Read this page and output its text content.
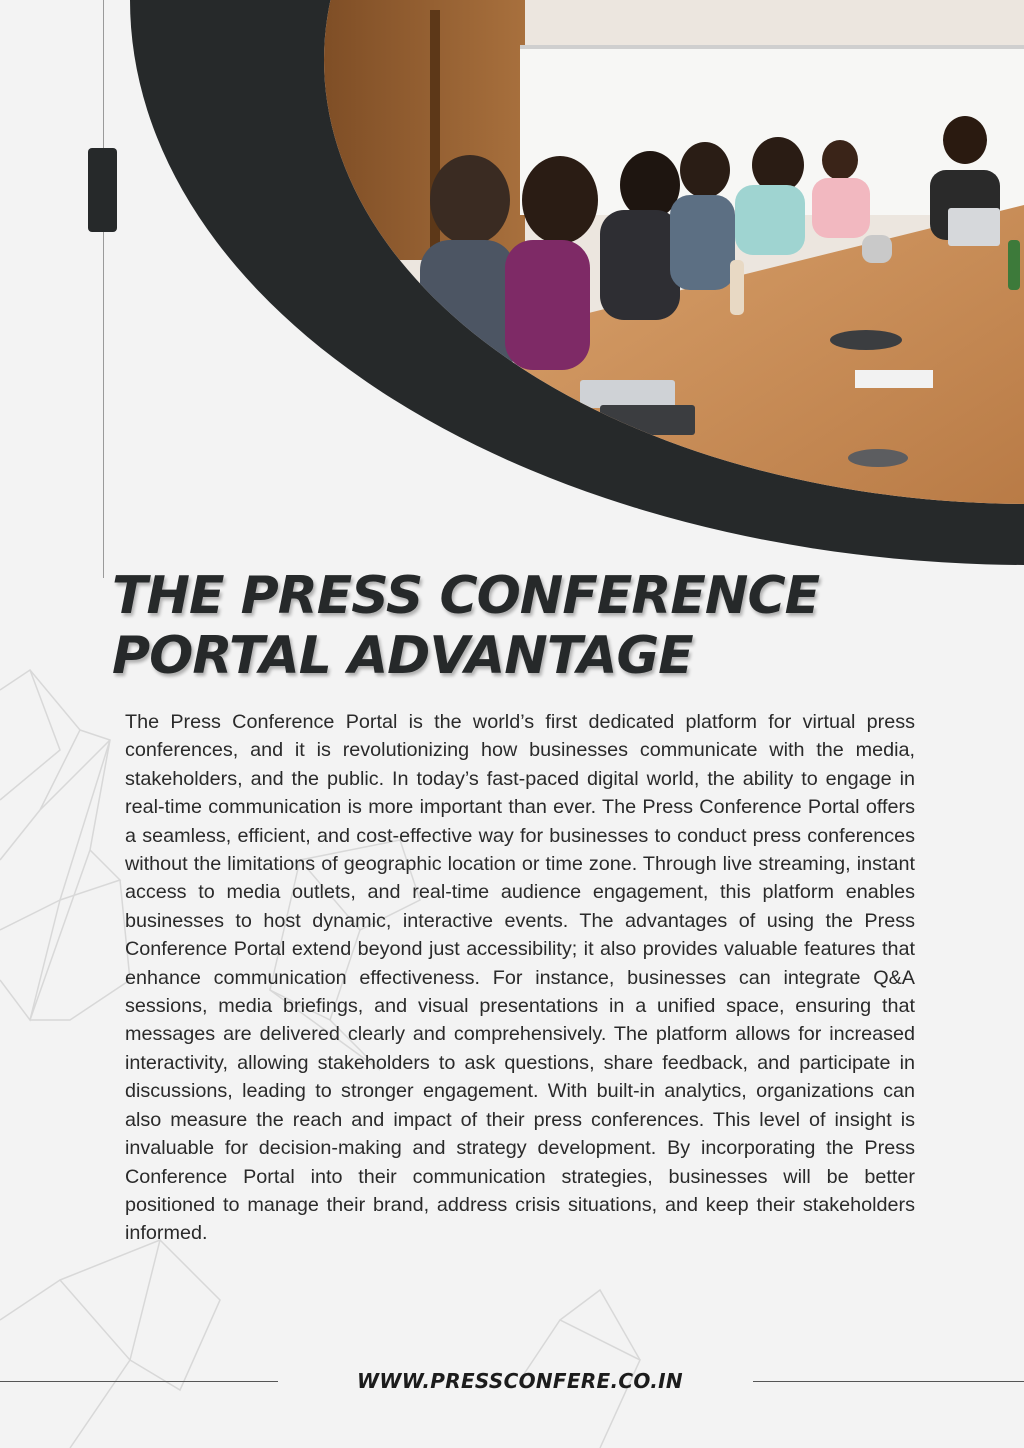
THE PRESS CONFERENCE
PORTAL ADVANTAGE

The Press Conference Portal is the world’s first dedicated platform for virtual press conferences, and it is revolutionizing how businesses communicate with the media, stakeholders, and the public. In today’s fast-paced digital world, the ability to engage in real-time communication is more important than ever. The Press Conference Portal offers a seamless, efficient, and cost-effective way for businesses to conduct press conferences without the limitations of geographic location or time zone. Through live streaming, instant access to media outlets, and real-time audience engagement, this platform enables businesses to host dynamic, interactive events. The advantages of using the Press Conference Portal extend beyond just accessibility; it also provides valuable features that enhance communication effectiveness. For instance, businesses can integrate Q&A sessions, media briefings, and visual presentations in a unified space, ensuring that messages are delivered clearly and comprehensively. The platform allows for increased interactivity, allowing stakeholders to ask questions, share feedback, and participate in discussions, leading to stronger engagement. With built-in analytics, organizations can also measure the reach and impact of their press conferences. This level of insight is invaluable for decision-making and strategy development. By incorporating the Press Conference Portal into their communication strategies, businesses will be better positioned to manage their brand, address crisis situations, and keep their stakeholders informed.

WWW.PRESSCONFERE.CO.IN
